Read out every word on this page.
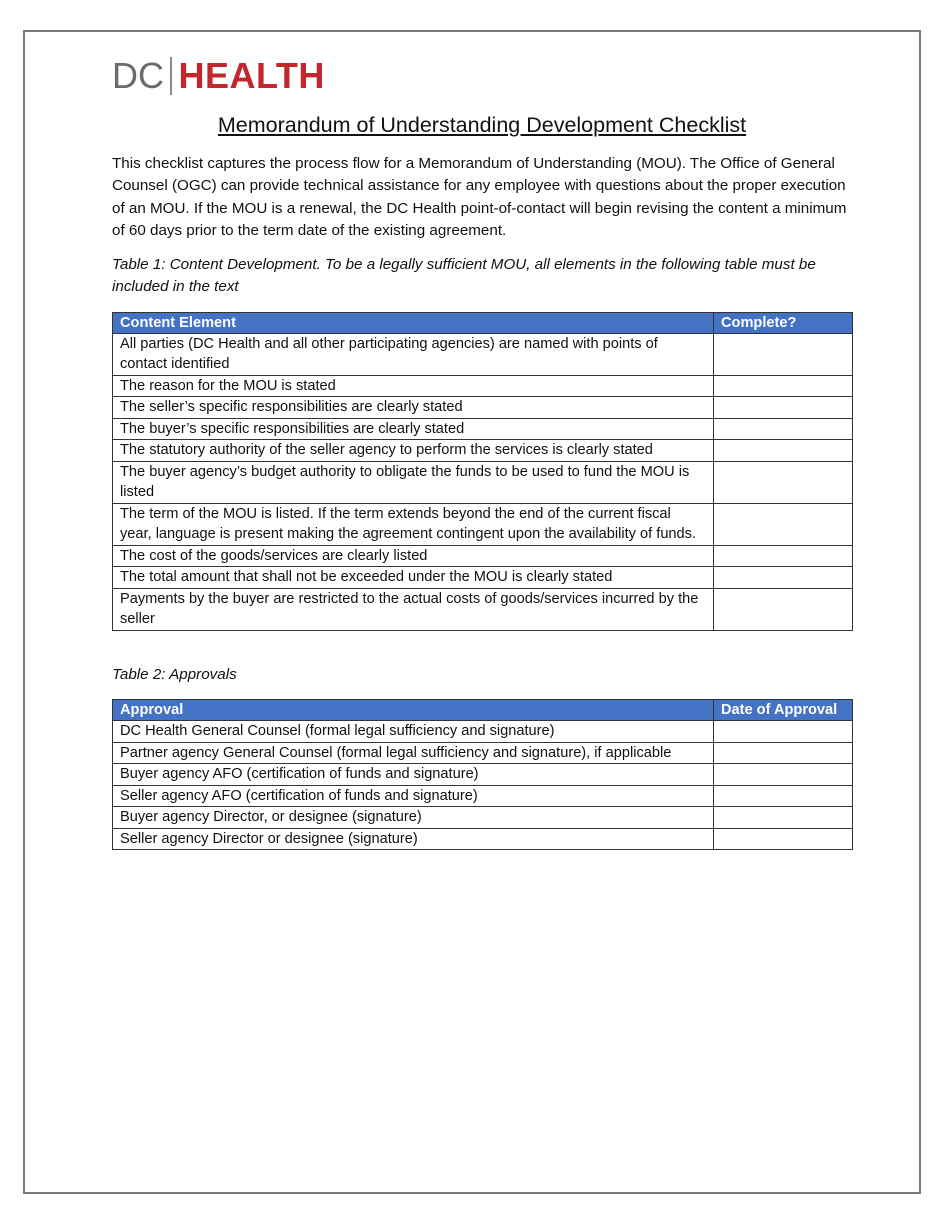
DC HEALTH
Memorandum of Understanding Development Checklist
This checklist captures the process flow for a Memorandum of Understanding (MOU). The Office of General Counsel (OGC) can provide technical assistance for any employee with questions about the proper execution of an MOU. If the MOU is a renewal, the DC Health point-of-contact will begin revising the content a minimum of 60 days prior to the term date of the existing agreement.
Table 1: Content Development. To be a legally sufficient MOU, all elements in the following table must be included in the text
Content Element	Complete?
All parties (DC Health and all other participating agencies) are named with points of contact identified	
The reason for the MOU is stated	
The seller’s specific responsibilities are clearly stated	
The buyer’s specific responsibilities are clearly stated	
The statutory authority of the seller agency to perform the services is clearly stated	
The buyer agency’s budget authority to obligate the funds to be used to fund the MOU is listed	
The term of the MOU is listed. If the term extends beyond the end of the current fiscal year, language is present making the agreement contingent upon the availability of funds.	
The cost of the goods/services are clearly listed	
The total amount that shall not be exceeded under the MOU is clearly stated	
Payments by the buyer are restricted to the actual costs of goods/services incurred by the seller	
Table 2: Approvals
Approval	Date of Approval
DC Health General Counsel (formal legal sufficiency and signature)	
Partner agency General Counsel (formal legal sufficiency and signature), if applicable	
Buyer agency AFO (certification of funds and signature)	
Seller agency AFO (certification of funds and signature)	
Buyer agency Director, or designee (signature)	
Seller agency Director or designee (signature)	
